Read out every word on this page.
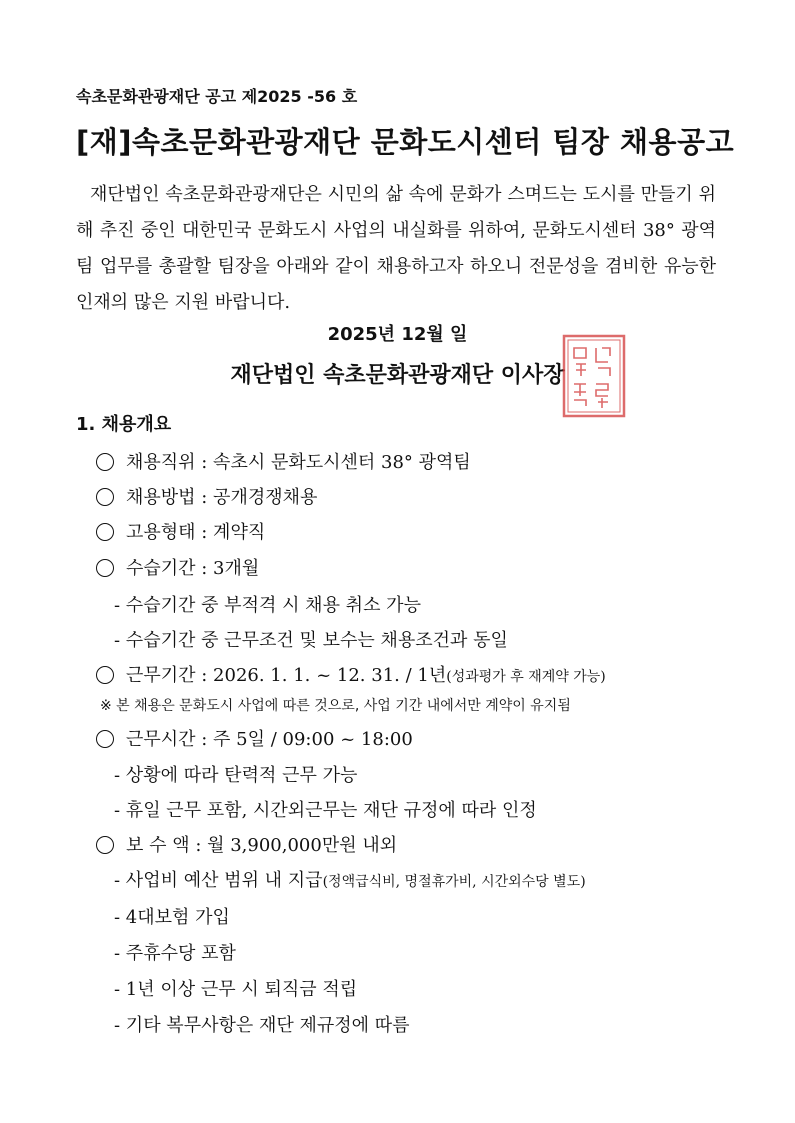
속초문화관광재단 공고 제2025 -56 호
[재]속초문화관광재단 문화도시센터 팀장 채용공고
재단법인 속초문화관광재단은 시민의 삶 속에 문화가 스며드는 도시를 만들기 위해 추진 중인 대한민국 문화도시 사업의 내실화를 위하여, 문화도시센터 38° 광역팀 업무를 총괄할 팀장을 아래와 같이 채용하고자 하오니 전문성을 겸비한 유능한 인재의 많은 지원 바랍니다.
2025년 12월 일
재단법인 속초문화관광재단 이사장
1. 채용개요
채용직위 : 속초시 문화도시센터 38° 광역팀
채용방법 : 공개경쟁채용
고용형태 : 계약직
수습기간 : 3개월
- 수습기간 중 부적격 시 채용 취소 가능
- 수습기간 중 근무조건 및 보수는 채용조건과 동일
근무기간 : 2026. 1. 1. ~ 12. 31. / 1년(성과평가 후 재계약 가능)
※ 본 채용은 문화도시 사업에 따른 것으로, 사업 기간 내에서만 계약이 유지됨
근무시간 : 주 5일 / 09:00 ~ 18:00
- 상황에 따라 탄력적 근무 가능
- 휴일 근무 포함, 시간외근무는 재단 규정에 따라 인정
보 수 액 : 월 3,900,000만원 내외
- 사업비 예산 범위 내 지급(정액급식비, 명절휴가비, 시간외수당 별도)
- 4대보험 가입
- 주휴수당 포함
- 1년 이상 근무 시 퇴직금 적립
- 기타 복무사항은 재단 제규정에 따름
